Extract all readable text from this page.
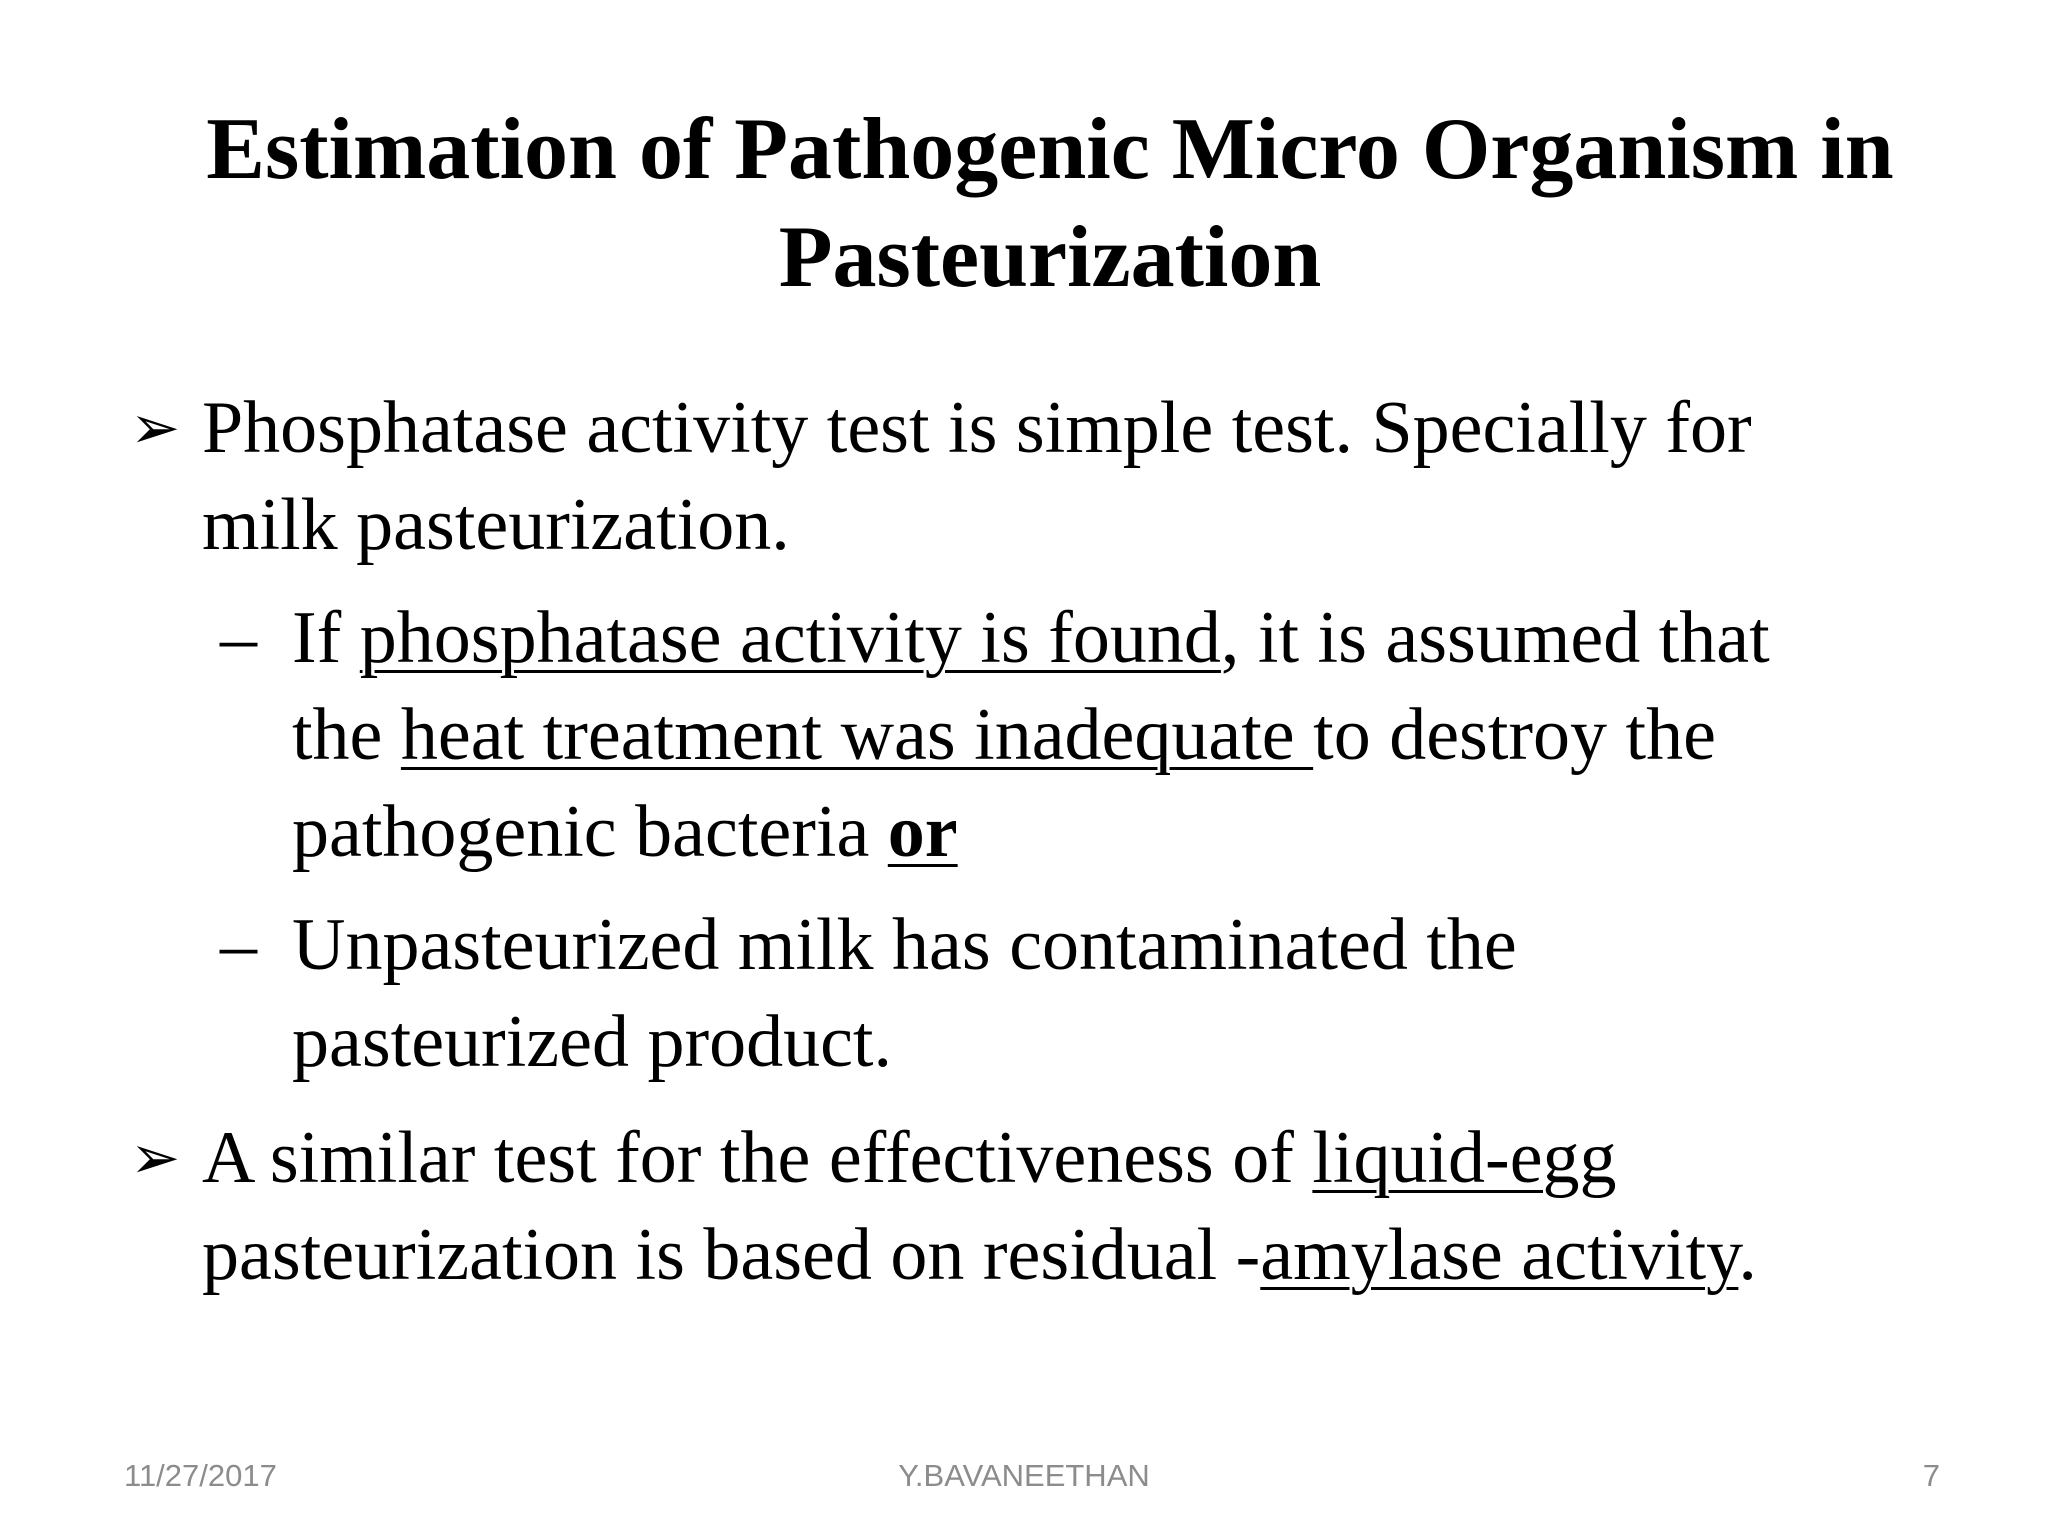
Estimation of Pathogenic Micro Organism in
Pasteurization
➢ Phosphatase activity test is simple test. Specially for
milk pasteurization.
– If phosphatase activity is found, it is assumed that
the heat treatment was inadequate to destroy the
pathogenic bacteria or
– Unpasteurized milk has contaminated the
pasteurized product.
➢ A similar test for the effectiveness of liquid-egg
pasteurization is based on residual -amylase activity.
11/27/2017	Y.BAVANEETHAN	7
